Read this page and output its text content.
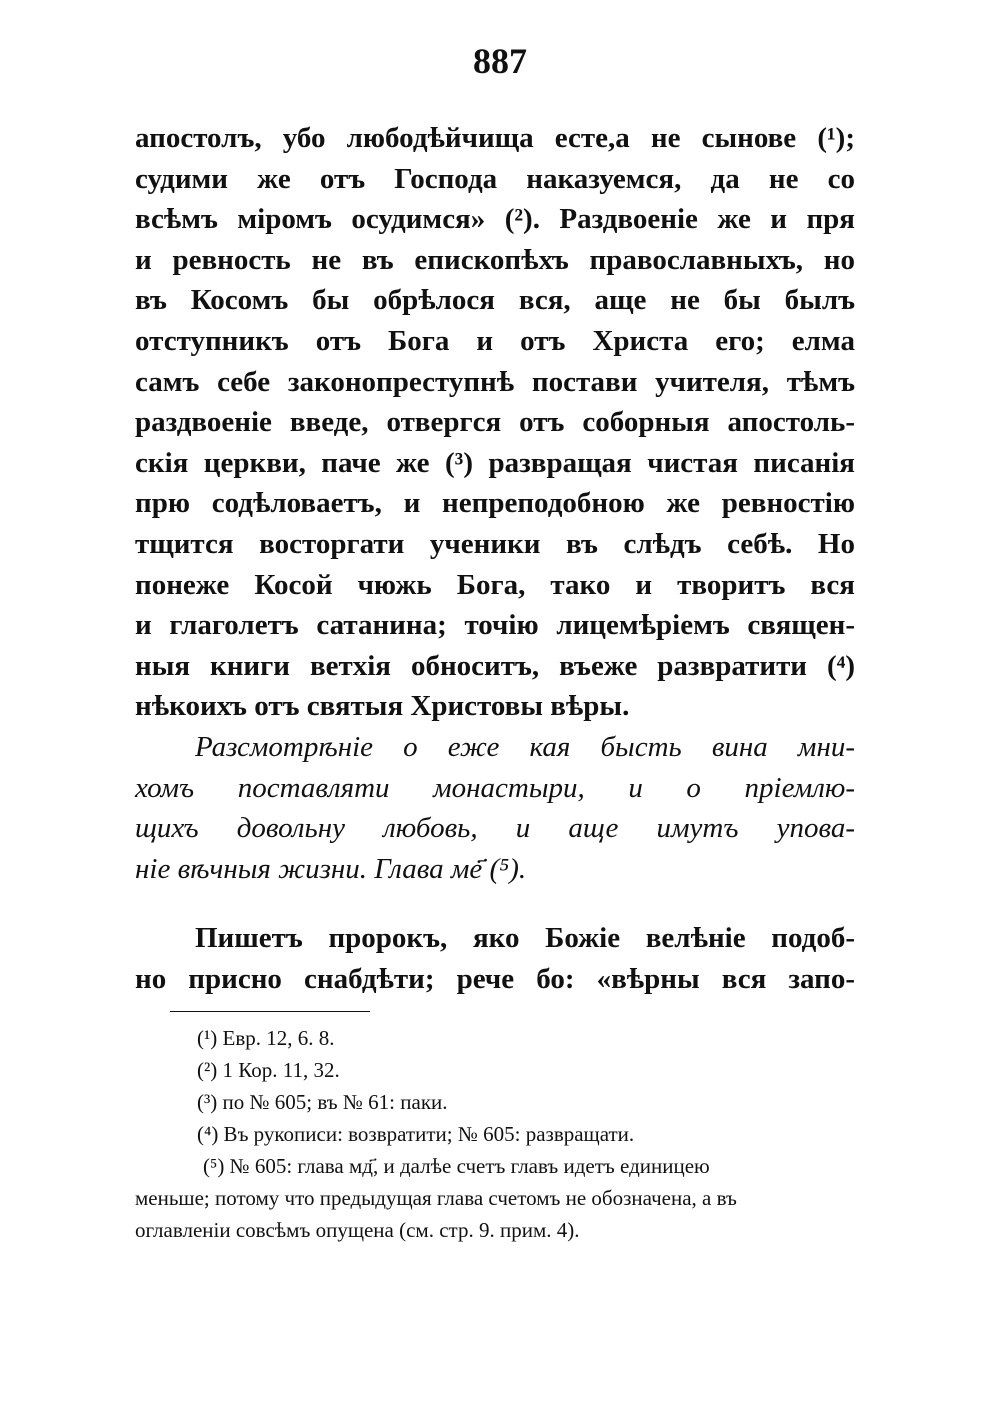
887
апостолъ, убо любодѣйчища есте,а не сынове (¹);
судими же отъ Господа наказуемся, да не со
всѣмъ міромъ осудимся» (²). Раздвоеніе же и пря
и ревность не въ епископѣхъ православныхъ, но
въ Косомъ бы обрѣлося вся, аще не бы былъ
отступникъ отъ Бога и отъ Христа его; елма
самъ себе законопреступнѣ постави учителя, тѣмъ
раздвоеніе введе, отвергся отъ соборныя апостоль-
скія церкви, паче же (³) развращая чистая писанія
прю содѣловаетъ, и непреподобною же ревностію
тщится восторгати ученики въ слѣдъ себѣ. Но
понеже Косой чюжь Бога, тако и творитъ вся
и глаголетъ сатанина; точію лицемѣріемъ священ-
ныя книги ветхія обноситъ, въеже развратити (⁴)
нѣкоихъ отъ святыя Христовы вѣры.
Разсмотрѣніе о еже кая бысть вина мни-
хомъ поставляти монастыри, и о пріемлю-
щихъ довольну любовь, и аще имутъ упова-
ніе вѣчныя жизни. Глава ме҃ (⁵).
Пишетъ пророкъ, яко Божіе велѣніе подоб-
но присно снабдѣти; рече бо: «вѣрны вся запо-
(¹) Евр. 12, 6. 8.
(²) 1 Кор. 11, 32.
(³) по № 605; въ № 61: паки.
(⁴) Въ рукописи: возвратити; № 605: развращати.
(⁵) № 605: глава мд҃, и далѣе счетъ главъ идетъ единицею
меньше; потому что предыдущая глава счетомъ не обозначена, а въ
оглавленіи совсѣмъ опущена (см. стр. 9. прим. 4).
